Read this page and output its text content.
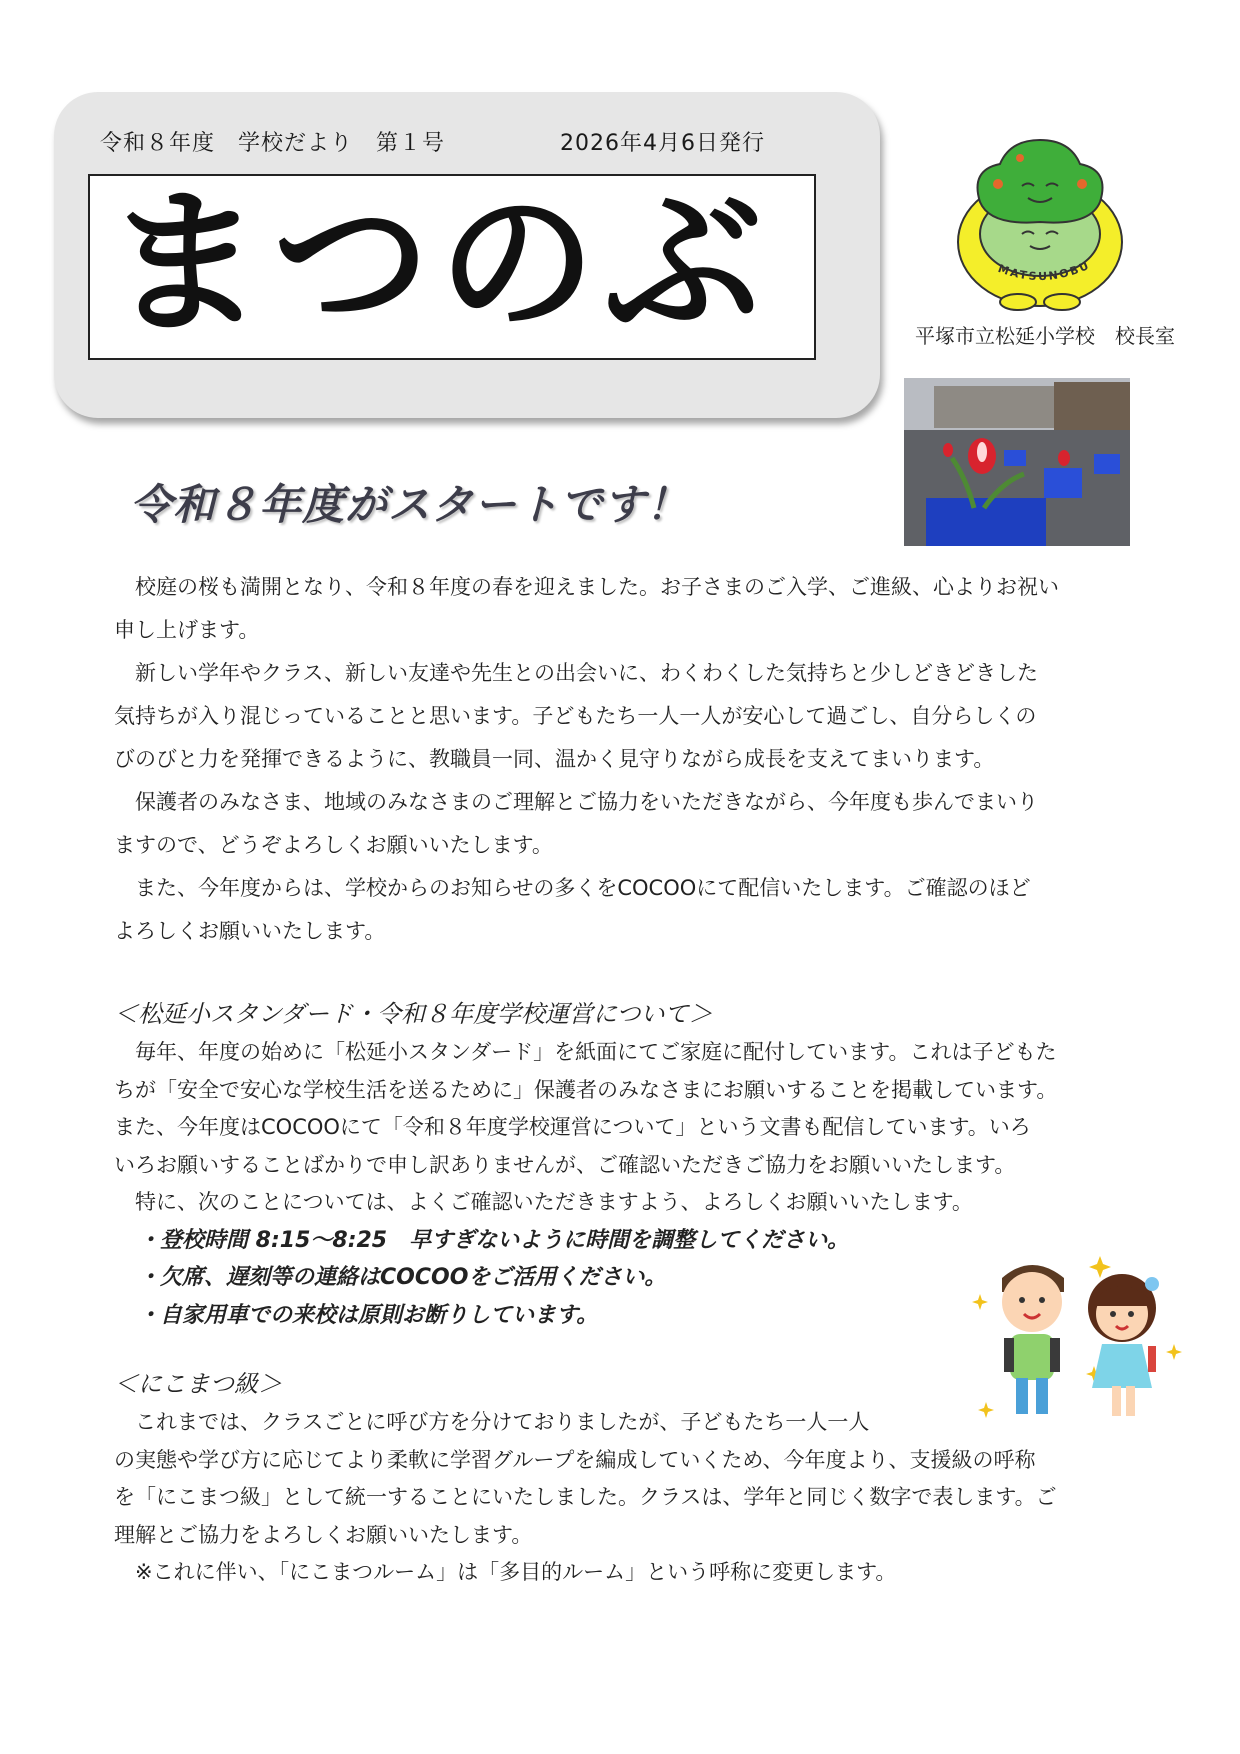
令和８年度　学校だより　第１号	2026年4月6日発行
まつのぶ	MATSUNOBU
平塚市立松延小学校　校長室
令和８年度がスタートです！

校庭の桜も満開となり、令和８年度の春を迎えました。お子さまのご入学、ご進級、心よりお祝い

申し上げます。

新しい学年やクラス、新しい友達や先生との出会いに、わくわくした気持ちと少しどきどきした

気持ちが入り混じっていることと思います。子どもたち一人一人が安心して過ごし、自分らしくの

びのびと力を発揮できるように、教職員一同、温かく見守りながら成長を支えてまいります。

保護者のみなさま、地域のみなさまのご理解とご協力をいただきながら、今年度も歩んでまいり

ますので、どうぞよろしくお願いいたします。

また、今年度からは、学校からのお知らせの多くをCOCOOにて配信いたします。ご確認のほど

よろしくお願いいたします。

＜松延小スタンダード・令和８年度学校運営について＞

毎年、年度の始めに「松延小スタンダード」を紙面にてご家庭に配付しています。これは子どもた

ちが「安全で安心な学校生活を送るために」保護者のみなさまにお願いすることを掲載しています。

また、今年度はCOCOOにて「令和８年度学校運営について」という文書も配信しています。いろ

いろお願いすることばかりで申し訳ありませんが、ご確認いただきご協力をお願いいたします。

特に、次のことについては、よくご確認いただきますよう、よろしくお願いいたします。

・登校時間 8:15～8:25　早すぎないように時間を調整してください。

・欠席、遅刻等の連絡はCOCOOをご活用ください。

・自家用車での来校は原則お断りしています。

＜にこまつ級＞

これまでは、クラスごとに呼び方を分けておりましたが、子どもたち一人一人

の実態や学び方に応じてより柔軟に学習グループを編成していくため、今年度より、支援級の呼称

を「にこまつ級」として統一することにいたしました。クラスは、学年と同じく数字で表します。ご

理解とご協力をよろしくお願いいたします。

※これに伴い、「にこまつルーム」は「多目的ルーム」という呼称に変更します。
